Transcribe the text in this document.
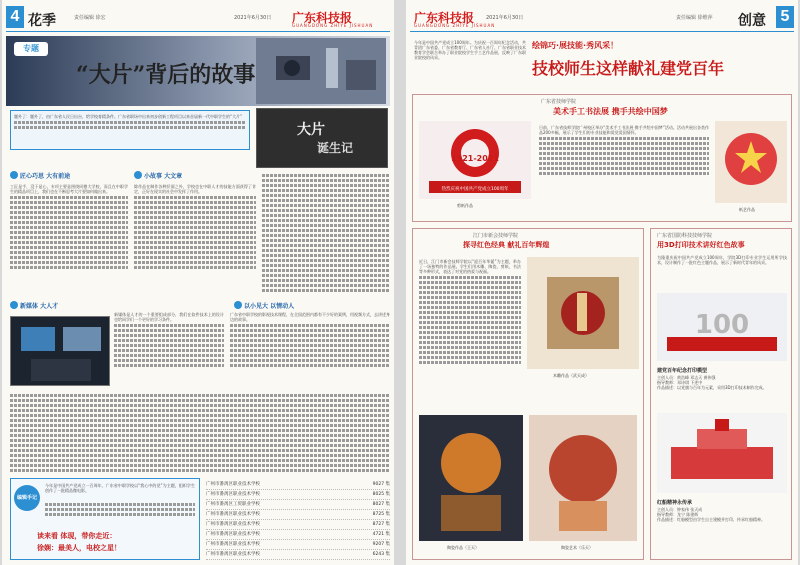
4 花季	责任编辑 徐宏	2021年6月30日 广东科技报
GUANGDONG ZHIYE JISHUAN
专题
“大片”背后的故事
题外了：题外了，由广东省人民日出台，给学校育精条件。广东省职场中出来初步创新工程项目以来首届新一代中职学生的“大片”
大片
诞生记
匠心巧思 大有前途	小故事 大文章
工匠是手，没干是心，专项主要是围绕同德大学校，而且在中职学生的精品项目上，我们也在不断思考大片要如何做出来。
除作品在制作各种层面之外，学校也在中职人才的技能方面获得了肯定，正好在现实的社会中发挥了作用。
新媒体 大人才	以小见大 以情动人
新媒体是人才的一个重要组成部分，我们在软件技术上的设计也给同学们一个更好的学习条件。
广东省中职学校的影视技术课程，在全国范围内都有不少好的案例，用视频方式，去讲述身边的故事。
编辑手记
今年是中国共产党成立一百周年，广东省中职学校以“我心中的党”为主题，组织学生创作了一批精品微电影。
读来看 体现，带你走近：
徐娴：最美人，电校之星！
广州市番禺区职业技术学校	9027 集
广州市番禺区职业技术学校	8025 集
广州市番禺区工贸职业学校	8027 集
广州市番禺区职业技术学校	8725 集
广州市番禺区职业技术学校	8727 集
广州市番禺区职业技术学校	4721 集
广州市番禺区职业技术学校	9207 集
广州市番禺区职业技术学校	6243 集
广东科技报
GUANGDONG ZHIYE JISHUAN
2021年6月30日	责任编辑 徐维萍 创意 5
今年是中国共产党成立100周年。为庆祝一百周年纪念活动，共青团广东省委、广东省教育厅、广东省人社厅、广东省职业技术教育学会联合举办了职业院校学生手工艺作品展，反映了广东职业院校的风采。
绘锦巧·展技能·秀风采！
技校师生这样献礼建党百年
广东省技师学院
美术手工书法展 携手共绘中国梦
1921-2021
热烈庆祝中国共产党成立100周年
剪纸作品
日前，广东省技师学院广州校区举办“美术手工书法展 携手共绘中国梦”活动。活动共展出各类作品200多幅，展示了学生们的专业技能和爱党爱国情怀。
纸艺作品
江门市新会技师学院
探寻红色经典 献礼百年辉煌
近日，江门市新会技师学院以“迎百年华诞”为主题，举办了一场独特的作品展。学生们用木雕、陶瓷、剪纸、书法等多种形式，表达了对党的热爱与祝福。
木雕作品（武天成）
陶瓷作品（王天）	陶瓷艺术（乐天）
广东省国防科技技师学院
用3D打印技术讲好红色故事
为隆重庆祝中国共产党成立100周年，学院3D打印专业学生运用所学技术，设计制作了一批红色主题作品，展示了新时代青年的风采。
100
建党百年纪念打印模型
主创人员：黄浩峰 邓志天 黄伟强
指导教师：邓诗琪 下述中
作品描述：以党旗与百年为元素，采用3D打印技术制作完成。
红船精神永传承
主创人员：钟家伟 张天成
指导教师：龙宁 陈建辉
作品描述：红船模型由学生自主建模并打印，传承红船精神。
